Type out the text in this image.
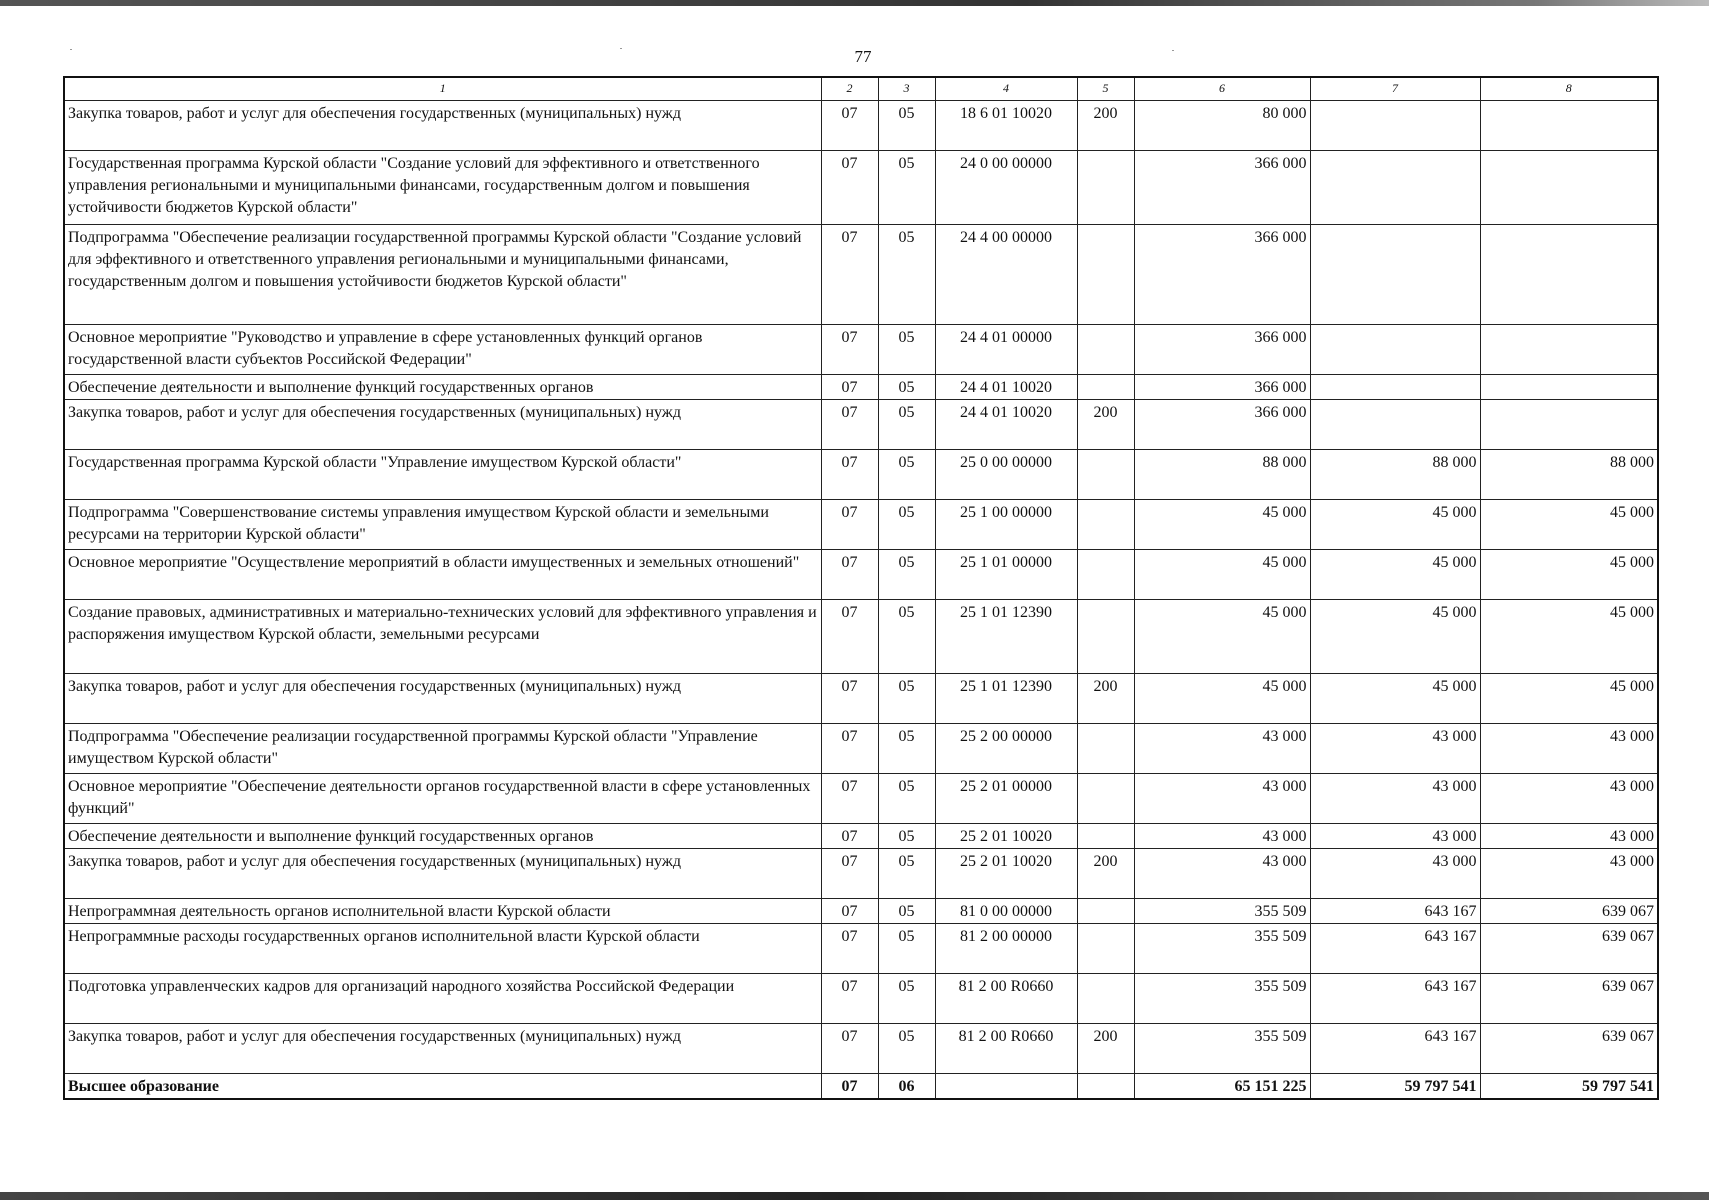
77
1	2	3	4	5	6	7	8
Закупка товаров, работ и услуг для обеспечения государственных (муниципальных) нужд	07	05	18 6 01 10020	200	80 000		
Государственная программа Курской области "Создание условий для эффективного и ответственного управления региональными и муниципальными финансами, государственным долгом и повышения устойчивости бюджетов Курской области"	07	05	24 0 00 00000		366 000		
Подпрограмма "Обеспечение реализации государственной программы Курской области "Создание условий для эффективного и ответственного управления региональными и муниципальными финансами, государственным долгом и повышения устойчивости бюджетов Курской области"	07	05	24 4 00 00000		366 000		
Основное мероприятие "Руководство и управление в сфере установленных функций органов государственной власти субъектов Российской Федерации"	07	05	24 4 01 00000		366 000		
Обеспечение деятельности и выполнение функций государственных органов	07	05	24 4 01 10020		366 000		
Закупка товаров, работ и услуг для обеспечения государственных (муниципальных) нужд	07	05	24 4 01 10020	200	366 000		
Государственная программа Курской области "Управление имуществом Курской области"	07	05	25 0 00 00000		88 000	88 000	88 000
Подпрограмма "Совершенствование системы управления имуществом Курской области и земельными ресурсами на территории Курской области"	07	05	25 1 00 00000		45 000	45 000	45 000
Основное мероприятие "Осуществление мероприятий в области имущественных и земельных отношений"	07	05	25 1 01 00000		45 000	45 000	45 000
Создание правовых, административных и материально-технических условий для эффективного управления и распоряжения имуществом Курской области, земельными ресурсами	07	05	25 1 01 12390		45 000	45 000	45 000
Закупка товаров, работ и услуг для обеспечения государственных (муниципальных) нужд	07	05	25 1 01 12390	200	45 000	45 000	45 000
Подпрограмма "Обеспечение реализации государственной программы Курской области "Управление имуществом Курской области"	07	05	25 2 00 00000		43 000	43 000	43 000
Основное мероприятие "Обеспечение деятельности органов государственной власти в сфере установленных функций"	07	05	25 2 01 00000		43 000	43 000	43 000
Обеспечение деятельности и выполнение функций государственных органов	07	05	25 2 01 10020		43 000	43 000	43 000
Закупка товаров, работ и услуг для обеспечения государственных (муниципальных) нужд	07	05	25 2 01 10020	200	43 000	43 000	43 000
Непрограммная деятельность органов исполнительной власти Курской области	07	05	81 0 00 00000		355 509	643 167	639 067
Непрограммные расходы государственных органов исполнительной власти Курской области	07	05	81 2 00 00000		355 509	643 167	639 067
Подготовка управленческих кадров для организаций народного хозяйства Российской Федерации	07	05	81 2 00 R0660		355 509	643 167	639 067
Закупка товаров, работ и услуг для обеспечения государственных (муниципальных) нужд	07	05	81 2 00 R0660	200	355 509	643 167	639 067
Высшее образование	07	06			65 151 225	59 797 541	59 797 541
